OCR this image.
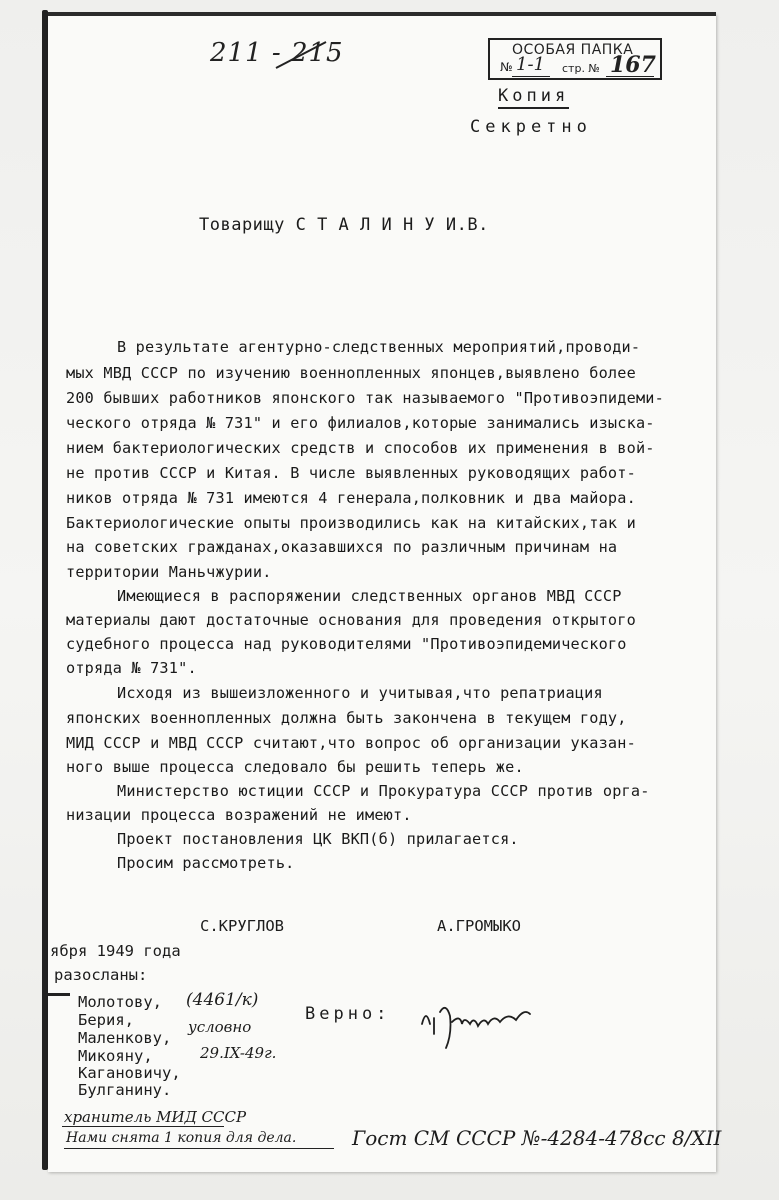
211 - 215	ОСОБАЯ ПАПКА
№ 1-1 стр. № 167
Копия
Секретно
Товарищу С Т А Л И Н У И.В.
В результате агентурно-следственных мероприятий,проводи-
мых МВД СССР по изучению военнопленных японцев,выявлено более
200 бывших работников японского так называемого "Противоэпидеми-
ческого отряда № 731" и его филиалов,которые занимались изыска-
нием бактериологических средств и способов их применения в вой-
не против СССР и Китая. В числе выявленных руководящих работ-
ников отряда № 731 имеются 4 генерала,полковник и два майора.
Бактериологические опыты производились как на китайских,так и
на советских гражданах,оказавшихся по различным причинам на
территории Маньчжурии.
Имеющиеся в распоряжении следственных органов МВД СССР
материалы дают достаточные основания для проведения открытого
судебного процесса над руководителями "Противоэпидемического
отряда № 731".
Исходя из вышеизложенного и учитывая,что репатриация
японских военнопленных должна быть закончена в текущем году,
МИД СССР и МВД СССР считают,что вопрос об организации указан-
ного выше процесса следовало бы решить теперь же.
Министерство юстиции СССР и Прокуратура СССР против орга-
низации процесса возражений не имеют.
Проект постановления ЦК ВКП(б) прилагается.
Просим рассмотреть.
С.КРУГЛОВ	А.ГРОМЫКО
ября 1949 года
разосланы:
Молотову,
Берия,
Маленкову,
Микояну,
Кагановичу,
Булганину.
(4461/к)
условно
29.IX-49г.
Верно:
хранитель МИД СССР
Нами снята 1 копия для дела.	Гост СМ СССР №-4284-478сс 8/XII
